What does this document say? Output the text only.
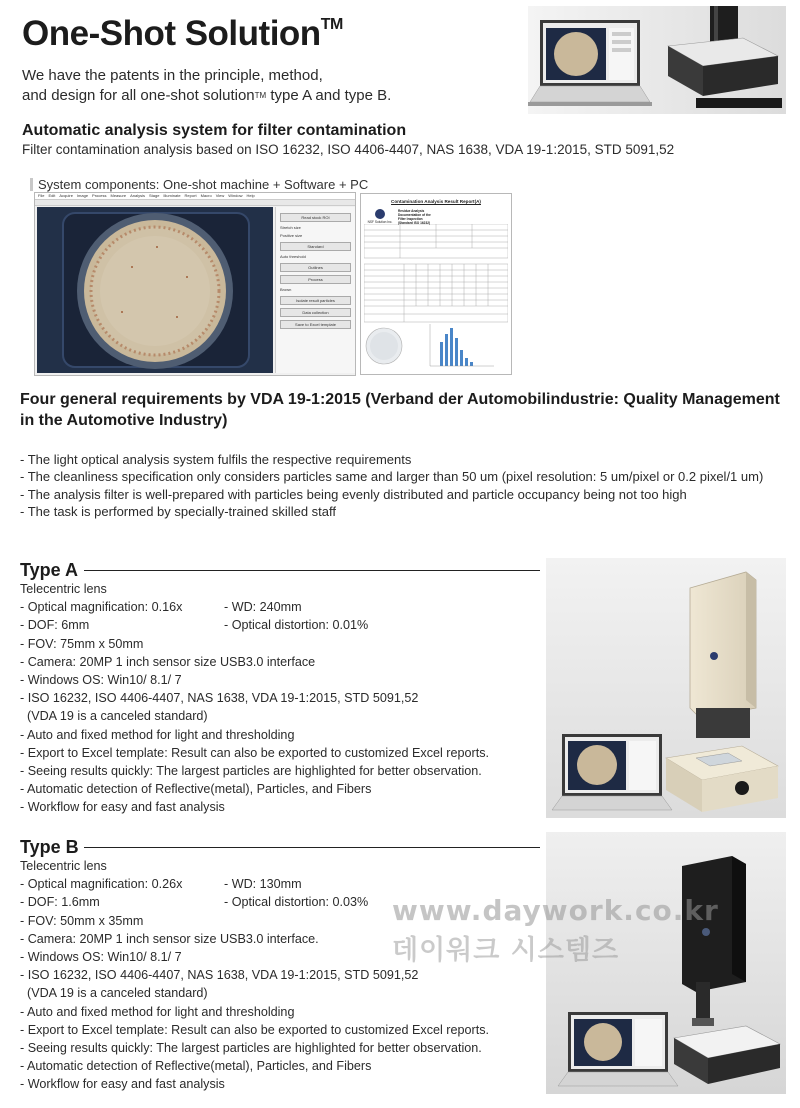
One-Shot Solution™
We have the patents in the principle, method,
and design for all one-shot solutionTM type A and type B.
Automatic analysis system for filter contamination
Filter contamination analysis based on ISO 16232, ISO 4406-4407, NAS 1638, VDA 19-1:2015, STD 5091,52
System components: One-shot machine + Software + PC
File Edit Acquire Image Process Measure Analysis Stage Illuminate Report Macro View Window Help
Read stock ROI
Stretch size
Positive size
Standard
Auto threshold
Outlines
Process
Brown
Isolate result particles
Data collection
Save to Excel template
Contamination Analysis Result Report(A)
NSF Solution Inc.
Residue Analysis Documentation of the Filter Inspection (Standard ISO 16232)
Four general requirements by VDA 19-1:2015 (Verband der Automobilindustrie: Quality Management in the Automotive Industry)
- The light optical analysis system fulfils the respective requirements
- The cleanliness specification only considers particles same and larger than 50 um (pixel resolution: 5 um/pixel or 0.2 pixel/1 um)
- The analysis filter is well-prepared with particles being evenly distributed and particle occupancy being not too high
- The task is performed by specially-trained skilled staff
Type A
Telecentric lens
- Optical magnification: 0.16x	- WD: 240mm
- DOF: 6mm	- Optical distortion: 0.01%
- FOV: 75mm x 50mm
- Camera: 20MP 1 inch sensor size USB3.0 interface
- Windows OS: Win10/ 8.1/ 7
- ISO 16232, ISO 4406-4407, NAS 1638, VDA 19-1:2015, STD 5091,52
(VDA 19 is a canceled standard)
- Auto and fixed method for light and thresholding
- Export to Excel template: Result can also be exported to customized Excel reports.
- Seeing results quickly: The largest particles are highlighted for better observation.
- Automatic detection of Reflective(metal), Particles, and Fibers
- Workflow for easy and fast analysis
Type B
Telecentric lens
- Optical magnification: 0.26x	- WD: 130mm
- DOF: 1.6mm	- Optical distortion: 0.03%
- FOV: 50mm x 35mm
- Camera: 20MP 1 inch sensor size USB3.0 interface.
- Windows OS: Win10/ 8.1/ 7
- ISO 16232, ISO 4406-4407, NAS 1638, VDA 19-1:2015, STD 5091,52
(VDA 19 is a canceled standard)
- Auto and fixed method for light and thresholding
- Export to Excel template: Result can also be exported to customized Excel reports.
- Seeing results quickly: The largest particles are highlighted for better observation.
- Automatic detection of Reflective(metal), Particles, and Fibers
- Workflow for easy and fast analysis
www.daywork.co.kr
데이워크 시스템즈
